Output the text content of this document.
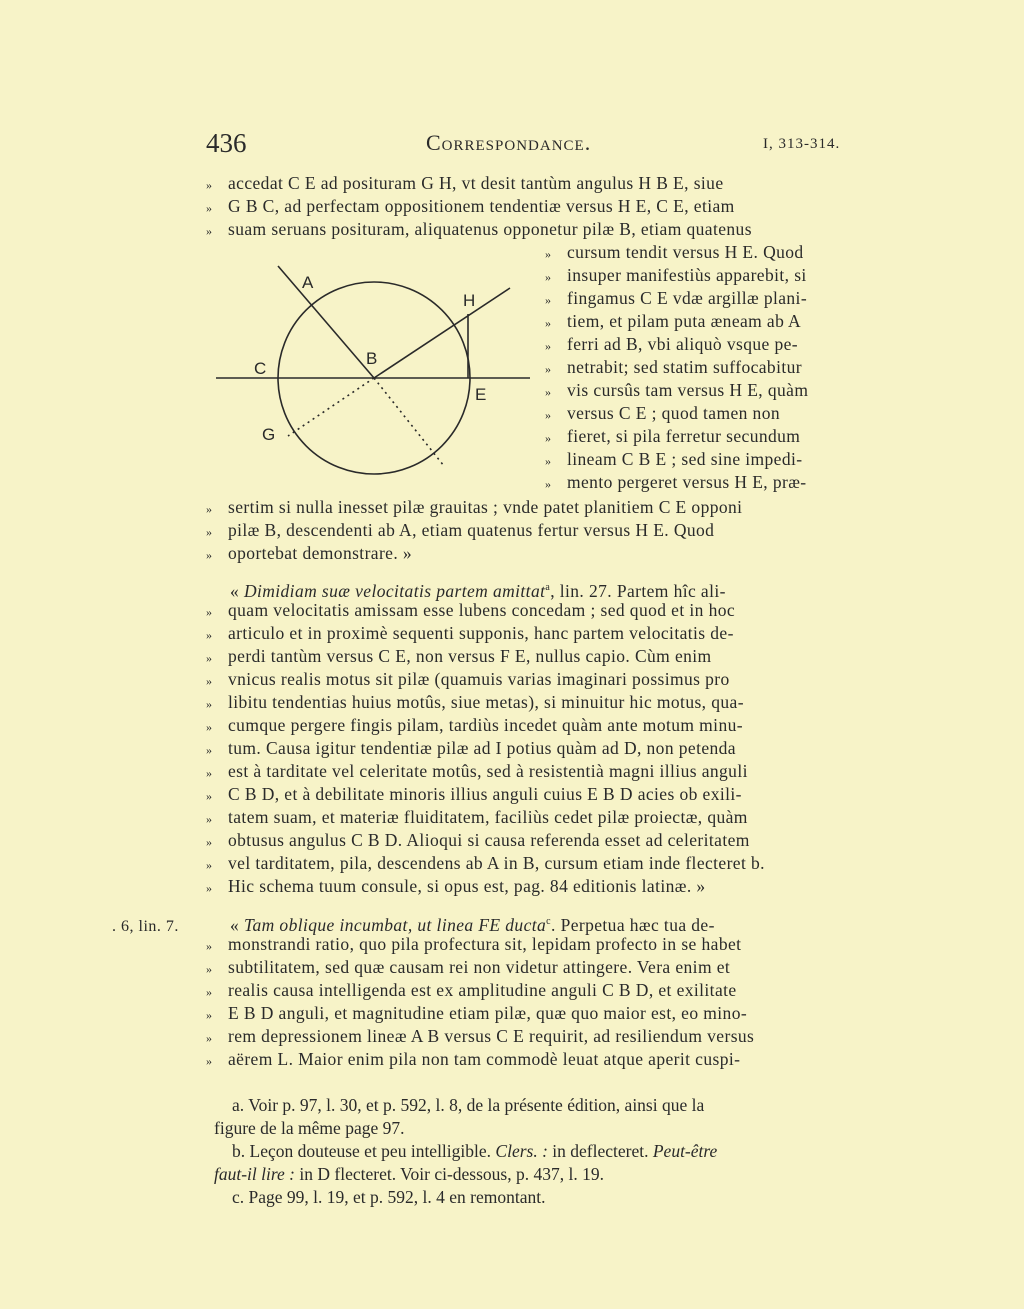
436	Correspondance.	I, 313-314.
» accedat C E ad posituram G H, vt desit tantùm angulus H B E, siue
» G B C, ad perfectam oppositionem tendentiæ versus H E, C E, etiam
» suam seruans posituram, aliquatenus opponetur pilæ B, etiam quatenus
A
H
C
B
E
G
» cursum tendit versus H E. Quod
» insuper manifestiùs apparebit, si
» fingamus C E vdæ argillæ plani-
» tiem, et pilam puta æneam ab A
» ferri ad B, vbi aliquò vsque pe-
» netrabit; sed statim suffocabitur
» vis cursûs tam versus H E, quàm
» versus C E ; quod tamen non
» fieret, si pila ferretur secundum
» lineam C B E ; sed sine impedi-
» mento pergeret versus H E, præ-
» sertim si nulla inesset pilæ grauitas ; vnde patet planitiem C E opponi
» pilæ B, descendenti ab A, etiam quatenus fertur versus H E. Quod
» oportebat demonstrare. »
« Dimidiam suæ velocitatis partem amittat$^a$, lin. 27. Partem hîc ali-
» quam velocitatis amissam esse lubens concedam ; sed quod et in hoc
» articulo et in proximè sequenti supponis, hanc partem velocitatis de-
» perdi tantùm versus C E, non versus F E, nullus capio. Cùm enim
» vnicus realis motus sit pilæ (quamuis varias imaginari possimus pro
» libitu tendentias huius motûs, siue metas), si minuitur hic motus, qua-
» cumque pergere fingis pilam, tardiùs incedet quàm ante motum minu-
» tum. Causa igitur tendentiæ pilæ ad I potius quàm ad D, non petenda
» est à tarditate vel celeritate motûs, sed à resistentià magni illius anguli
» C B D, et à debilitate minoris illius anguli cuius E B D acies ob exili-
» tatem suam, et materiæ fluiditatem, faciliùs cedet pilæ proiectæ, quàm
» obtusus angulus C B D. Alioqui si causa referenda esset ad celeritatem
» vel tarditatem, pila, descendens ab A in B, cursum etiam inde flecteret b.
» Hic schema tuum consule, si opus est, pag. 84 editionis latinæ. »
. 6, lin. 7.	« Tam oblique incumbat, ut linea FE ducta$^c$. Perpetua hæc tua de-
» monstrandi ratio, quo pila profectura sit, lepidam profecto in se habet
» subtilitatem, sed quæ causam rei non videtur attingere. Vera enim et
» realis causa intelligenda est ex amplitudine anguli C B D, et exilitate
» E B D anguli, et magnitudine etiam pilæ, quæ quo maior est, eo mino-
» rem depressionem lineæ A B versus C E requirit, ad resiliendum versus
» aërem L. Maior enim pila non tam commodè leuat atque aperit cuspi-
a. Voir p. 97, l. 30, et p. 592, l. 8, de la présente édition, ainsi que la
figure de la même page 97.
b. Leçon douteuse et peu intelligible. Clers. : in deflecteret. Peut-être
faut-il lire : in D flecteret. Voir ci-dessous, p. 437, l. 19.
c. Page 99, l. 19, et p. 592, l. 4 en remontant.
